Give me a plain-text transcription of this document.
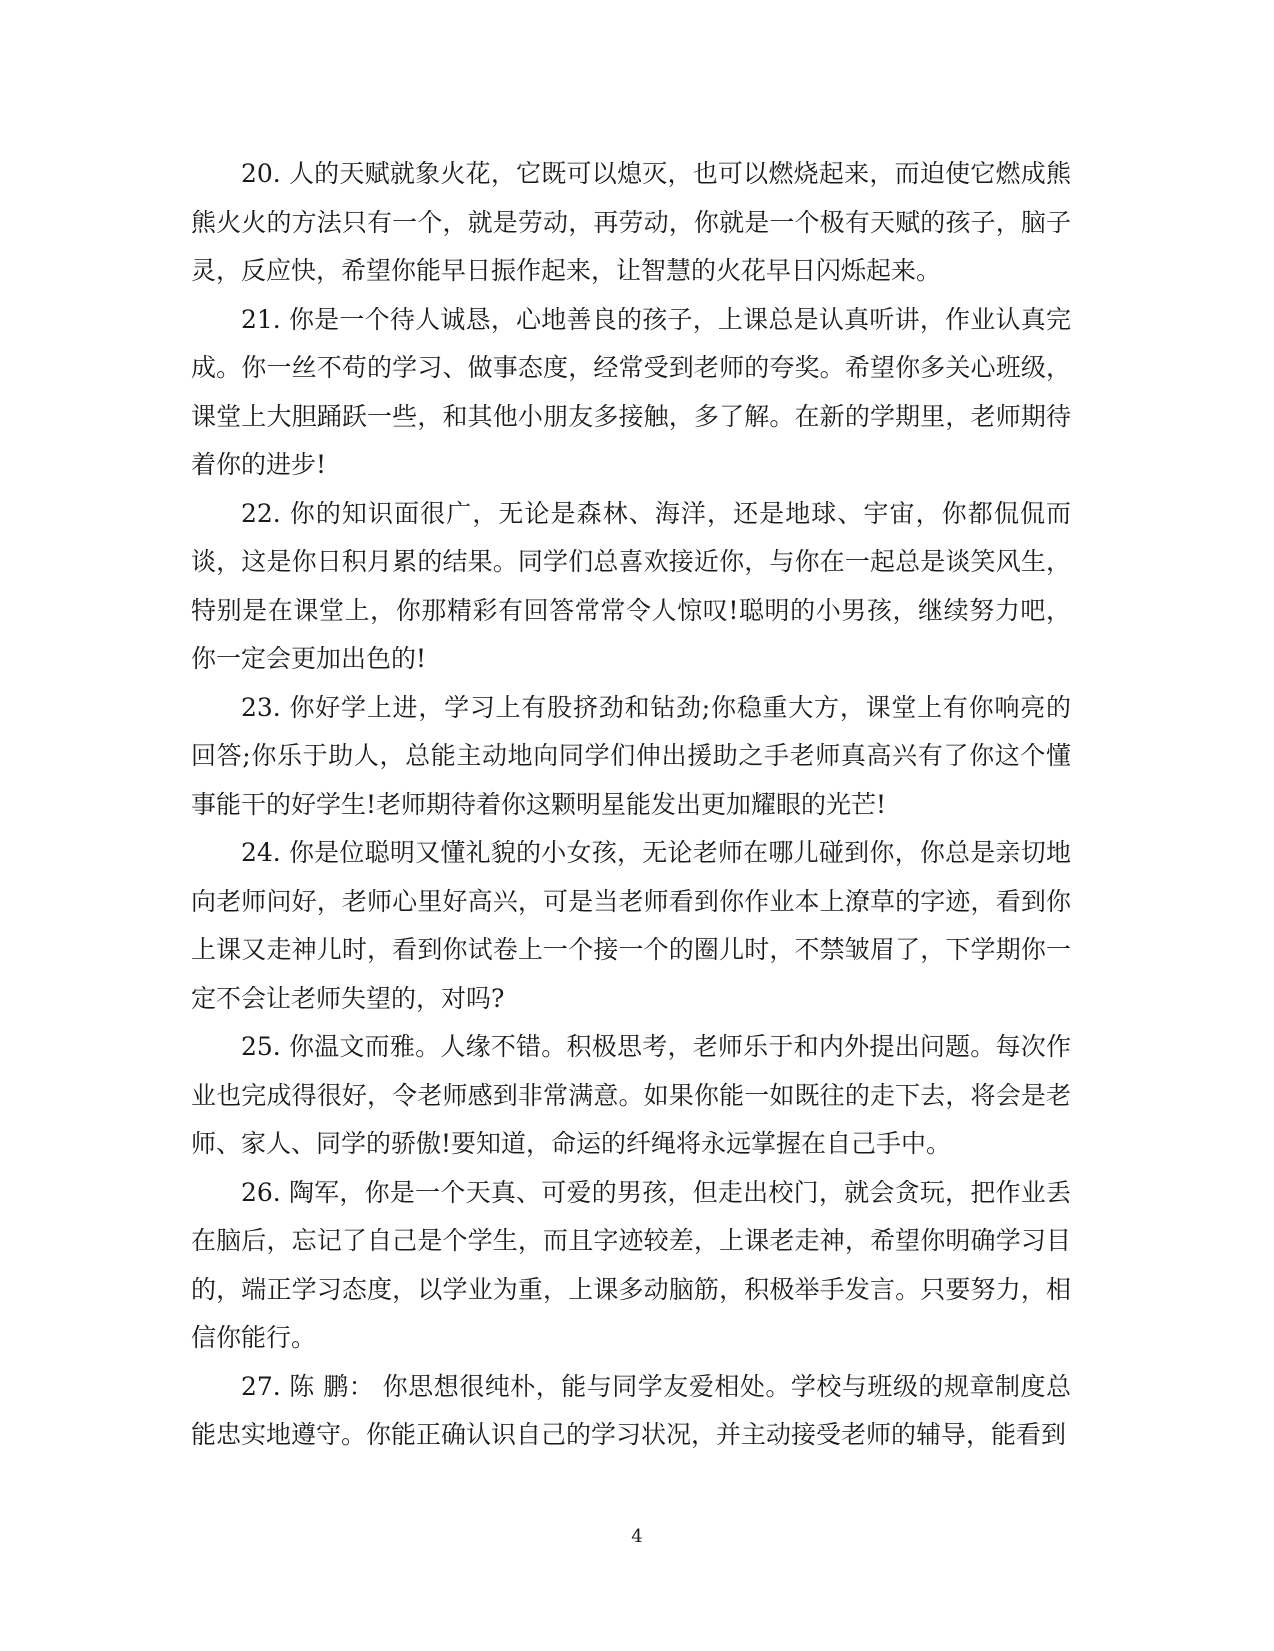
20. 人的天赋就象火花，它既可以熄灭，也可以燃烧起来，而迫使它燃成熊熊火火的方法只有一个，就是劳动，再劳动，你就是一个极有天赋的孩子，脑子灵，反应快，希望你能早日振作起来，让智慧的火花早日闪烁起来。

21. 你是一个待人诚恳，心地善良的孩子，上课总是认真听讲，作业认真完成。你一丝不苟的学习、做事态度，经常受到老师的夸奖。希望你多关心班级，课堂上大胆踊跃一些，和其他小朋友多接触，多了解。在新的学期里，老师期待着你的进步!

22. 你的知识面很广，无论是森林、海洋，还是地球、宇宙，你都侃侃而谈，这是你日积月累的结果。同学们总喜欢接近你，与你在一起总是谈笑风生，特别是在课堂上，你那精彩有回答常常令人惊叹!聪明的小男孩，继续努力吧，你一定会更加出色的!

23. 你好学上进，学习上有股挤劲和钻劲;你稳重大方，课堂上有你响亮的回答;你乐于助人，总能主动地向同学们伸出援助之手老师真高兴有了你这个懂事能干的好学生!老师期待着你这颗明星能发出更加耀眼的光芒!

24. 你是位聪明又懂礼貌的小女孩，无论老师在哪儿碰到你，你总是亲切地向老师问好，老师心里好高兴，可是当老师看到你作业本上潦草的字迹，看到你上课又走神儿时，看到你试卷上一个接一个的圈儿时，不禁皱眉了，下学期你一定不会让老师失望的，对吗?

25. 你温文而雅。人缘不错。积极思考，老师乐于和内外提出问题。每次作业也完成得很好，令老师感到非常满意。如果你能一如既往的走下去，将会是老师、家人、同学的骄傲!要知道，命运的纤绳将永远掌握在自己手中。

26. 陶军，你是一个天真、可爱的男孩，但走出校门，就会贪玩，把作业丢在脑后，忘记了自己是个学生，而且字迹较差，上课老走神，希望你明确学习目的，端正学习态度，以学业为重，上课多动脑筋，积极举手发言。只要努力，相信你能行。

27. 陈 鹏： 你思想很纯朴，能与同学友爱相处。学校与班级的规章制度总能忠实地遵守。你能正确认识自己的学习状况，并主动接受老师的辅导，能看到

4
